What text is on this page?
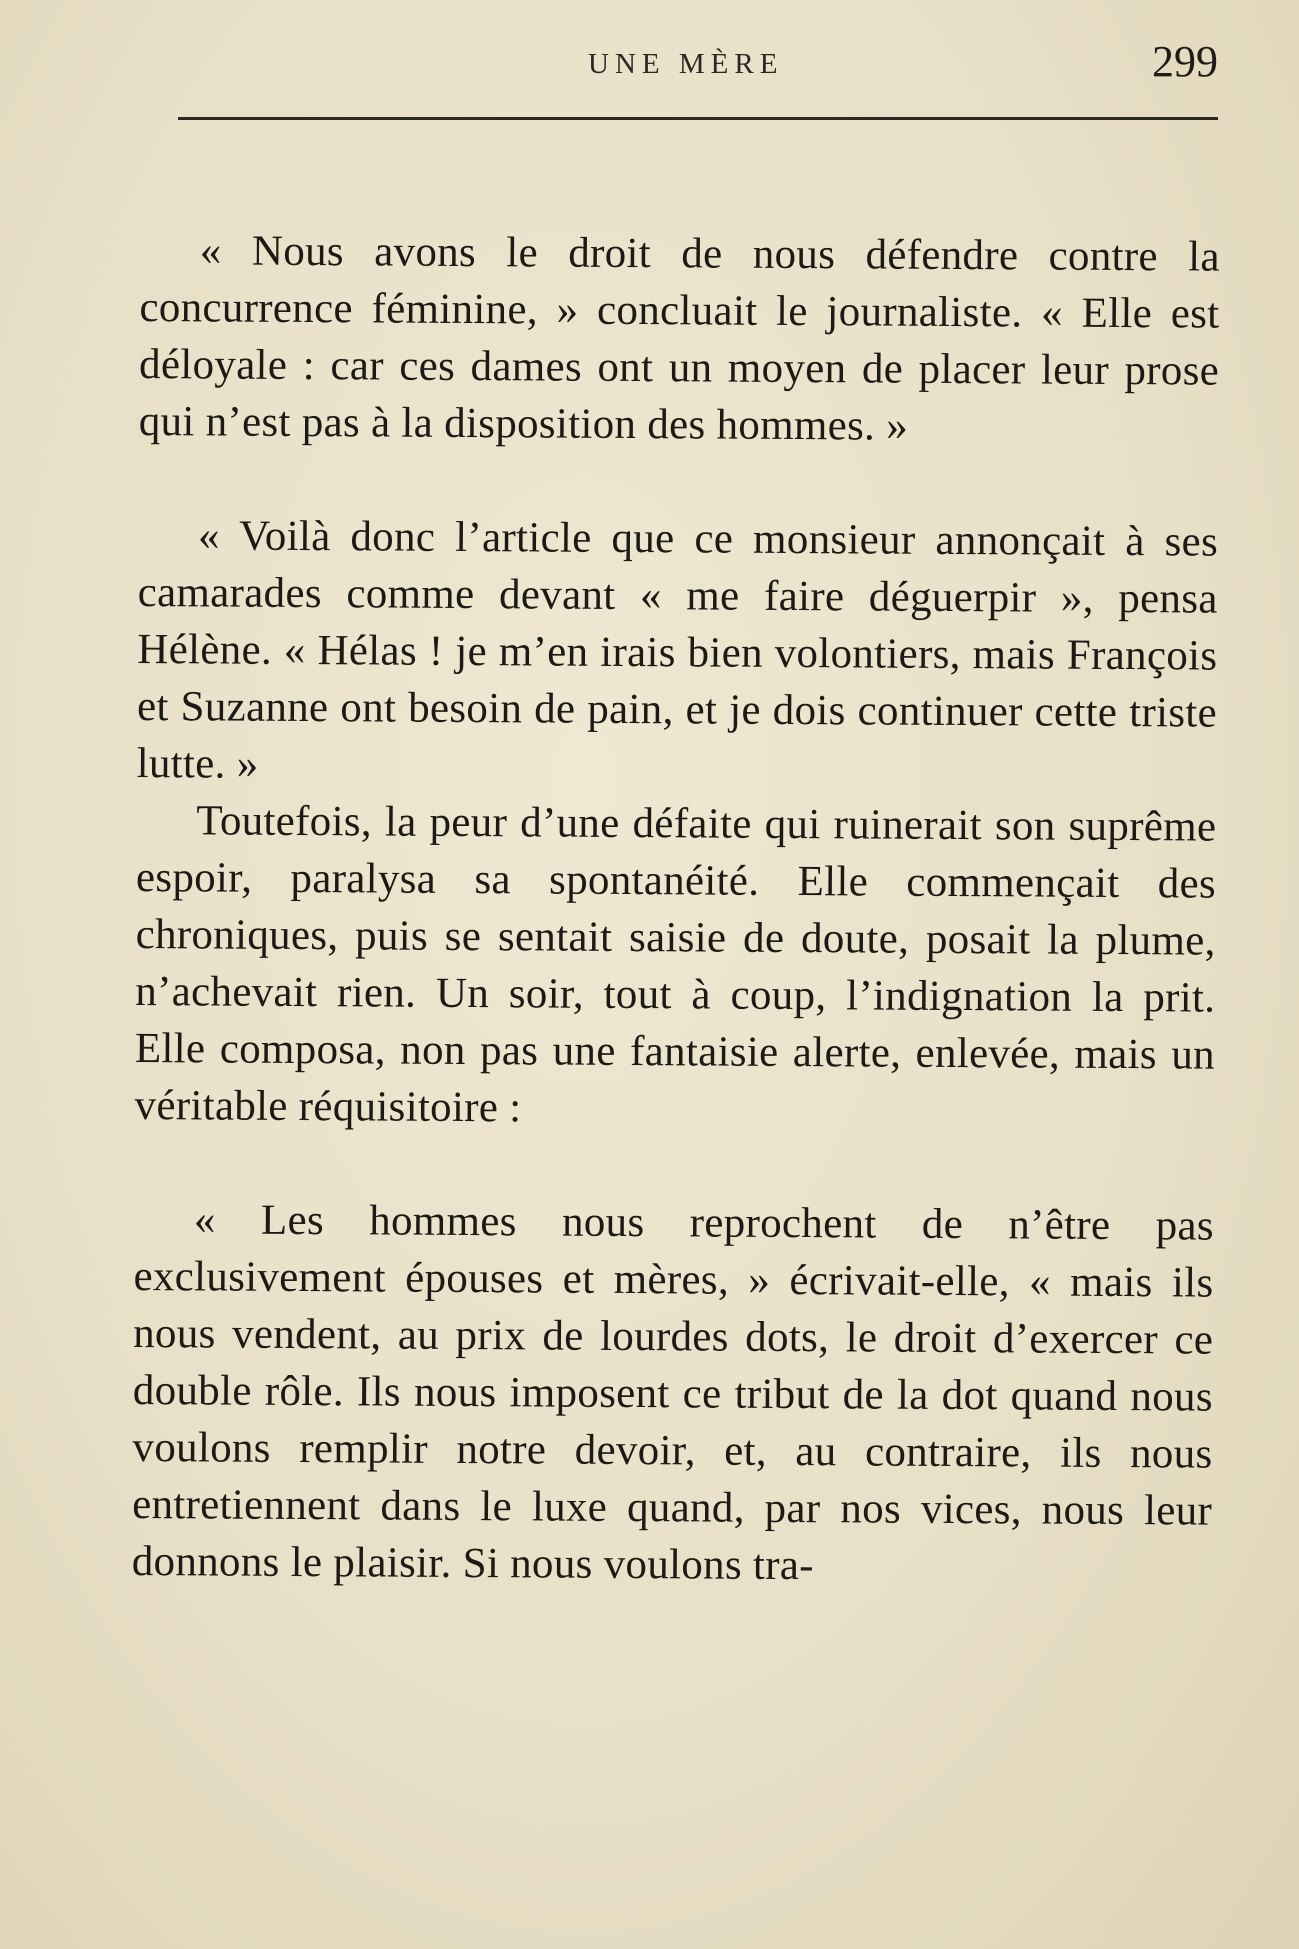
UNE MÈRE	299

« Nous avons le droit de nous défendre contre la concurrence féminine, » concluait le journaliste. « Elle est déloyale : car ces dames ont un moyen de placer leur prose qui n’est pas à la disposition des hommes. »

« Voilà donc l’article que ce monsieur annonçait à ses camarades comme devant « me faire déguerpir », pensa Hélène. « Hélas ! je m’en irais bien volontiers, mais François et Suzanne ont besoin de pain, et je dois continuer cette triste lutte. »

Toutefois, la peur d’une défaite qui ruinerait son suprême espoir, paralysa sa spontanéité. Elle commençait des chroniques, puis se sentait saisie de doute, posait la plume, n’achevait rien. Un soir, tout à coup, l’indignation la prit. Elle composa, non pas une fantaisie alerte, enlevée, mais un véritable réquisitoire :

« Les hommes nous reprochent de n’être pas exclusivement épouses et mères, » écrivait-elle, « mais ils nous vendent, au prix de lourdes dots, le droit d’exercer ce double rôle. Ils nous imposent ce tribut de la dot quand nous voulons remplir notre devoir, et, au contraire, ils nous entretiennent dans le luxe quand, par nos vices, nous leur donnons le plaisir. Si nous voulons tra-
